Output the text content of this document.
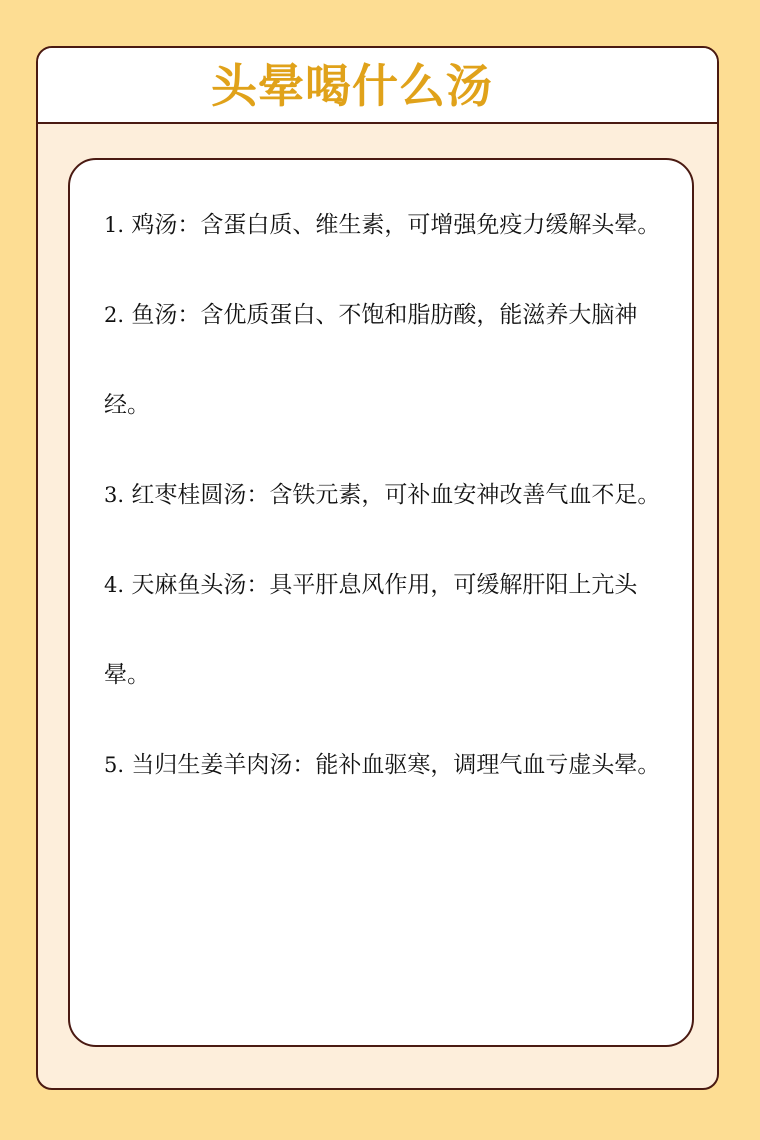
头晕喝什么汤
1. 鸡汤：含蛋白质、维生素，可增强免疫力缓解头晕。
2. 鱼汤：含优质蛋白、不饱和脂肪酸，能滋养大脑神经。
3. 红枣桂圆汤：含铁元素，可补血安神改善气血不足。
4. 天麻鱼头汤：具平肝息风作用，可缓解肝阳上亢头晕。
5. 当归生姜羊肉汤：能补血驱寒，调理气血亏虚头晕。
